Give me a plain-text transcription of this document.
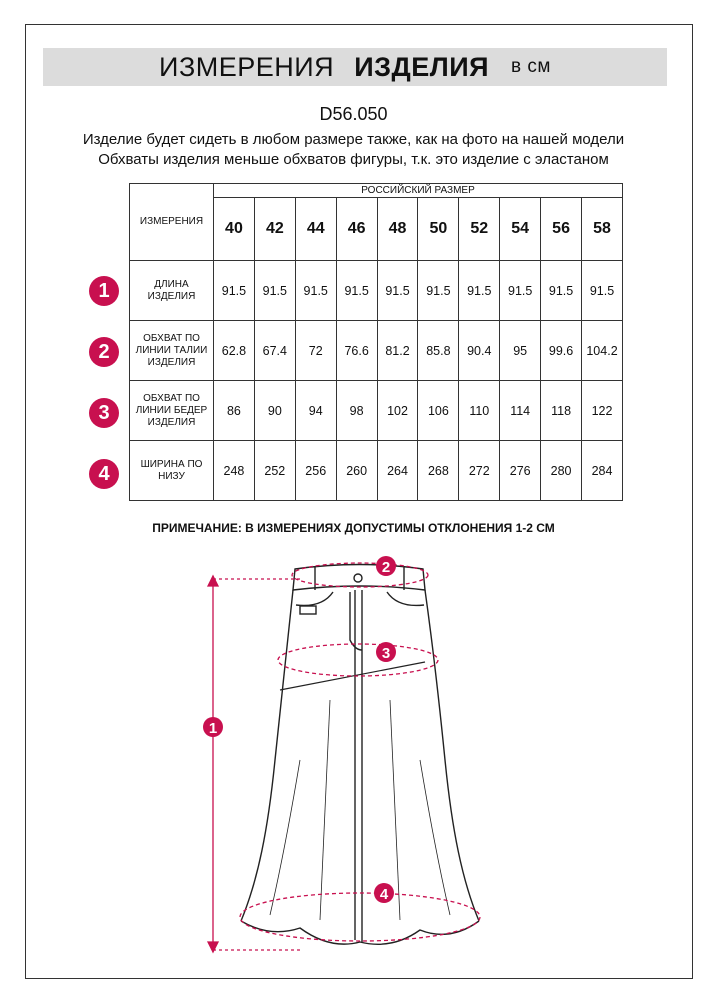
ИЗМЕРЕНИЯ ИЗДЕЛИЯ в см
D56.050
Изделие будет сидеть в любом размере также, как на фото на нашей модели
Обхваты изделия меньше обхватов фигуры, т.к. это изделие с эластаном
ИЗМЕРЕНИЯ	РОССИЙСКИЙ РАЗМЕР									
	40	42	44	46	48	50	52	54	56	58
ДЛИНА ИЗДЕЛИЯ	91.5	91.5	91.5	91.5	91.5	91.5	91.5	91.5	91.5	91.5
ОБХВАТ ПО ЛИНИИ ТАЛИИ ИЗДЕЛИЯ	62.8	67.4	72	76.6	81.2	85.8	90.4	95	99.6	104.2
ОБХВАТ ПО ЛИНИИ БЕДЕР ИЗДЕЛИЯ	86	90	94	98	102	106	110	114	118	122
ШИРИНА ПО НИЗУ	248	252	256	260	264	268	272	276	280	284
1
2
3
4
ПРИМЕЧАНИЕ: В ИЗМЕРЕНИЯХ ДОПУСТИМЫ ОТКЛОНЕНИЯ 1-2 СМ
1
2
3
4
